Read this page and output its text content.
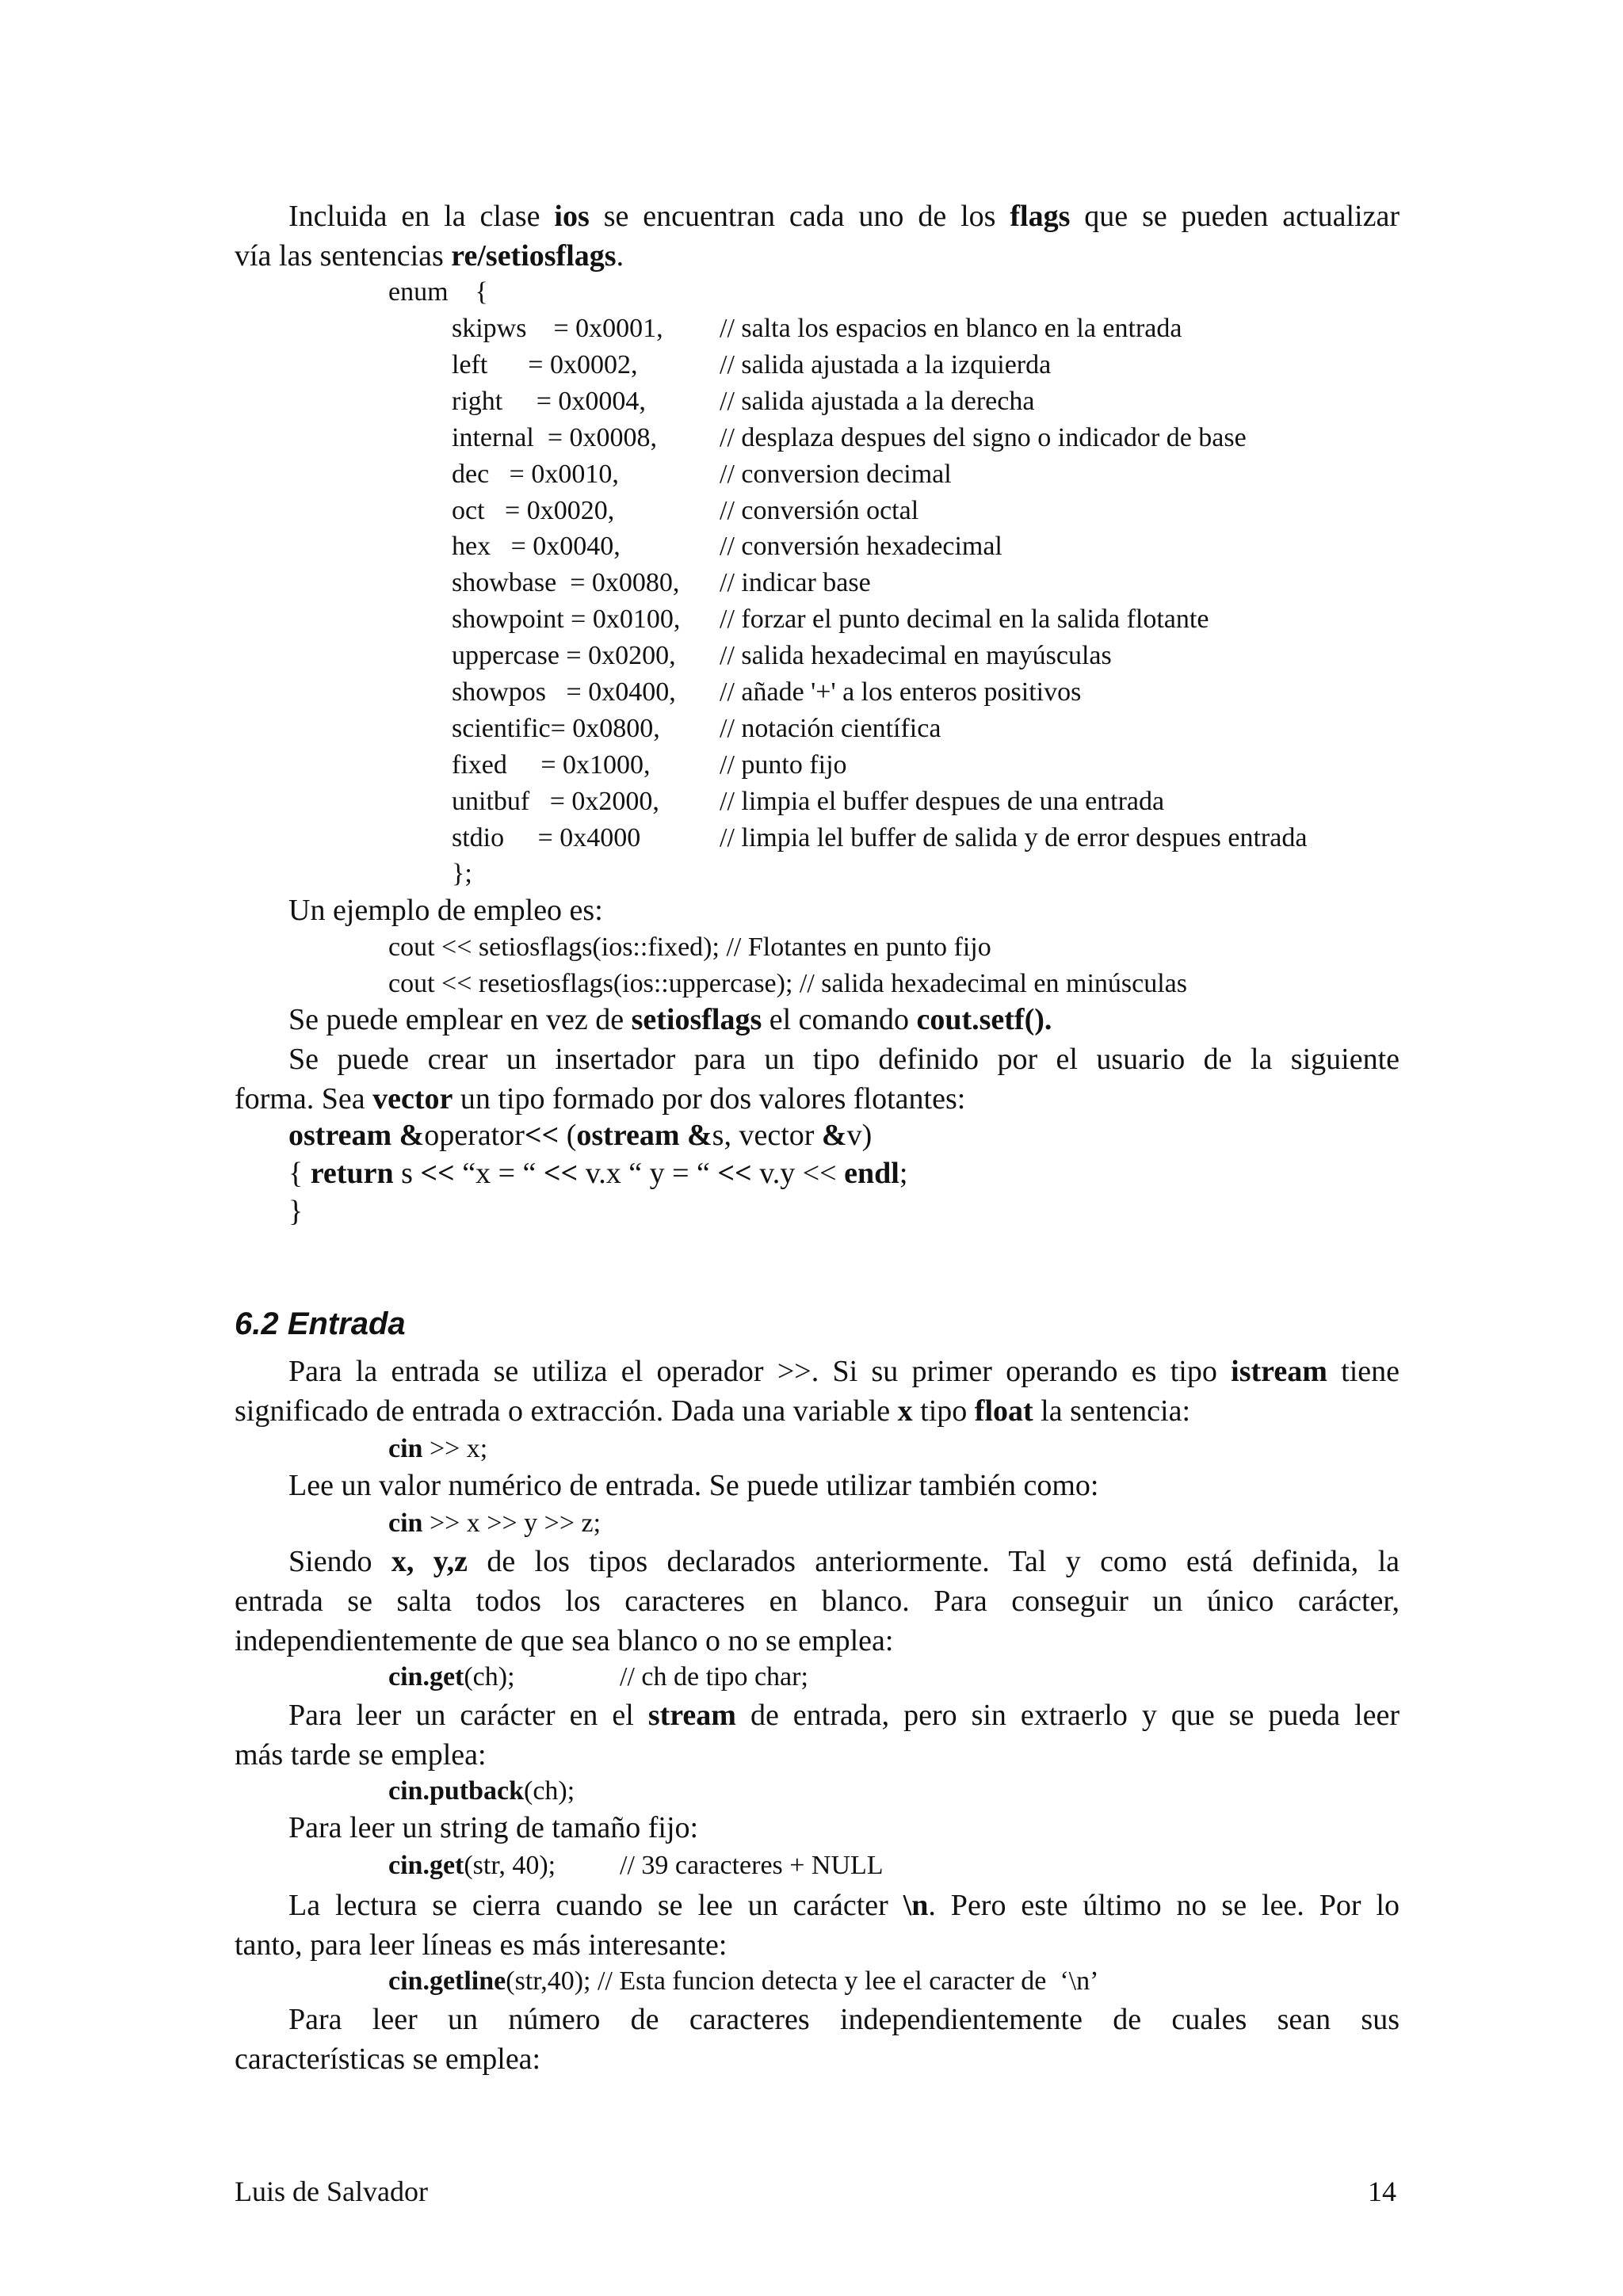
Incluida en la clase ios se encuentran cada uno de los flags que se pueden actualizar
vía las sentencias re/setiosflags.
enum    {
skipws    = 0x0001,	// salta los espacios en blanco en la entrada
left      = 0x0002,	// salida ajustada a la izquierda
right     = 0x0004,	// salida ajustada a la derecha
internal  = 0x0008,	// desplaza despues del signo o indicador de base
dec   = 0x0010,	// conversion decimal
oct   = 0x0020,	// conversión octal
hex   = 0x0040,	// conversión hexadecimal
showbase  = 0x0080,	// indicar base
showpoint = 0x0100,	// forzar el punto decimal en la salida flotante
uppercase = 0x0200,	// salida hexadecimal en mayúsculas
showpos   = 0x0400,	// añade '+' a los enteros positivos
scientific= 0x0800,	// notación científica
fixed     = 0x1000,	// punto fijo
unitbuf   = 0x2000,	// limpia el buffer despues de una entrada
stdio     = 0x4000	// limpia lel buffer de salida y de error despues entrada
};
Un ejemplo de empleo es:
cout << setiosflags(ios::fixed); // Flotantes en punto fijo
cout << resetiosflags(ios::uppercase); // salida hexadecimal en minúsculas
Se puede emplear en vez de setiosflags el comando cout.setf().
Se puede crear un insertador para un tipo definido por el usuario de la siguiente
forma. Sea vector un tipo formado por dos valores flotantes:
ostream &operator<< (ostream &s, vector &v)
{ return s << “x = “ << v.x “ y = “ << v.y << endl;
}
6.2 Entrada
Para la entrada se utiliza el operador >>. Si su primer operando es tipo istream tiene
significado de entrada o extracción. Dada una variable x tipo float la sentencia:
cin >> x;
Lee un valor numérico de entrada. Se puede utilizar también como:
cin >> x >> y >> z;
Siendo x, y,z de los tipos declarados anteriormente. Tal y como está definida, la
entrada se salta todos los caracteres en blanco. Para conseguir un único carácter,
independientemente de que sea blanco o no se emplea:
cin.get(ch);	// ch de tipo char;
Para leer un carácter en el stream de entrada, pero sin extraerlo y que se pueda leer
más tarde se emplea:
cin.putback(ch);
Para leer un string de tamaño fijo:
cin.get(str, 40); // 39 caracteres + NULL
La lectura se cierra cuando se lee un carácter \n. Pero este último no se lee. Por lo
tanto, para leer líneas es más interesante:
cin.getline(str,40); // Esta funcion detecta y lee el caracter de  ‘\n’
Para leer un número de caracteres independientemente de cuales sean sus
características se emplea:
Luis de Salvador	14
